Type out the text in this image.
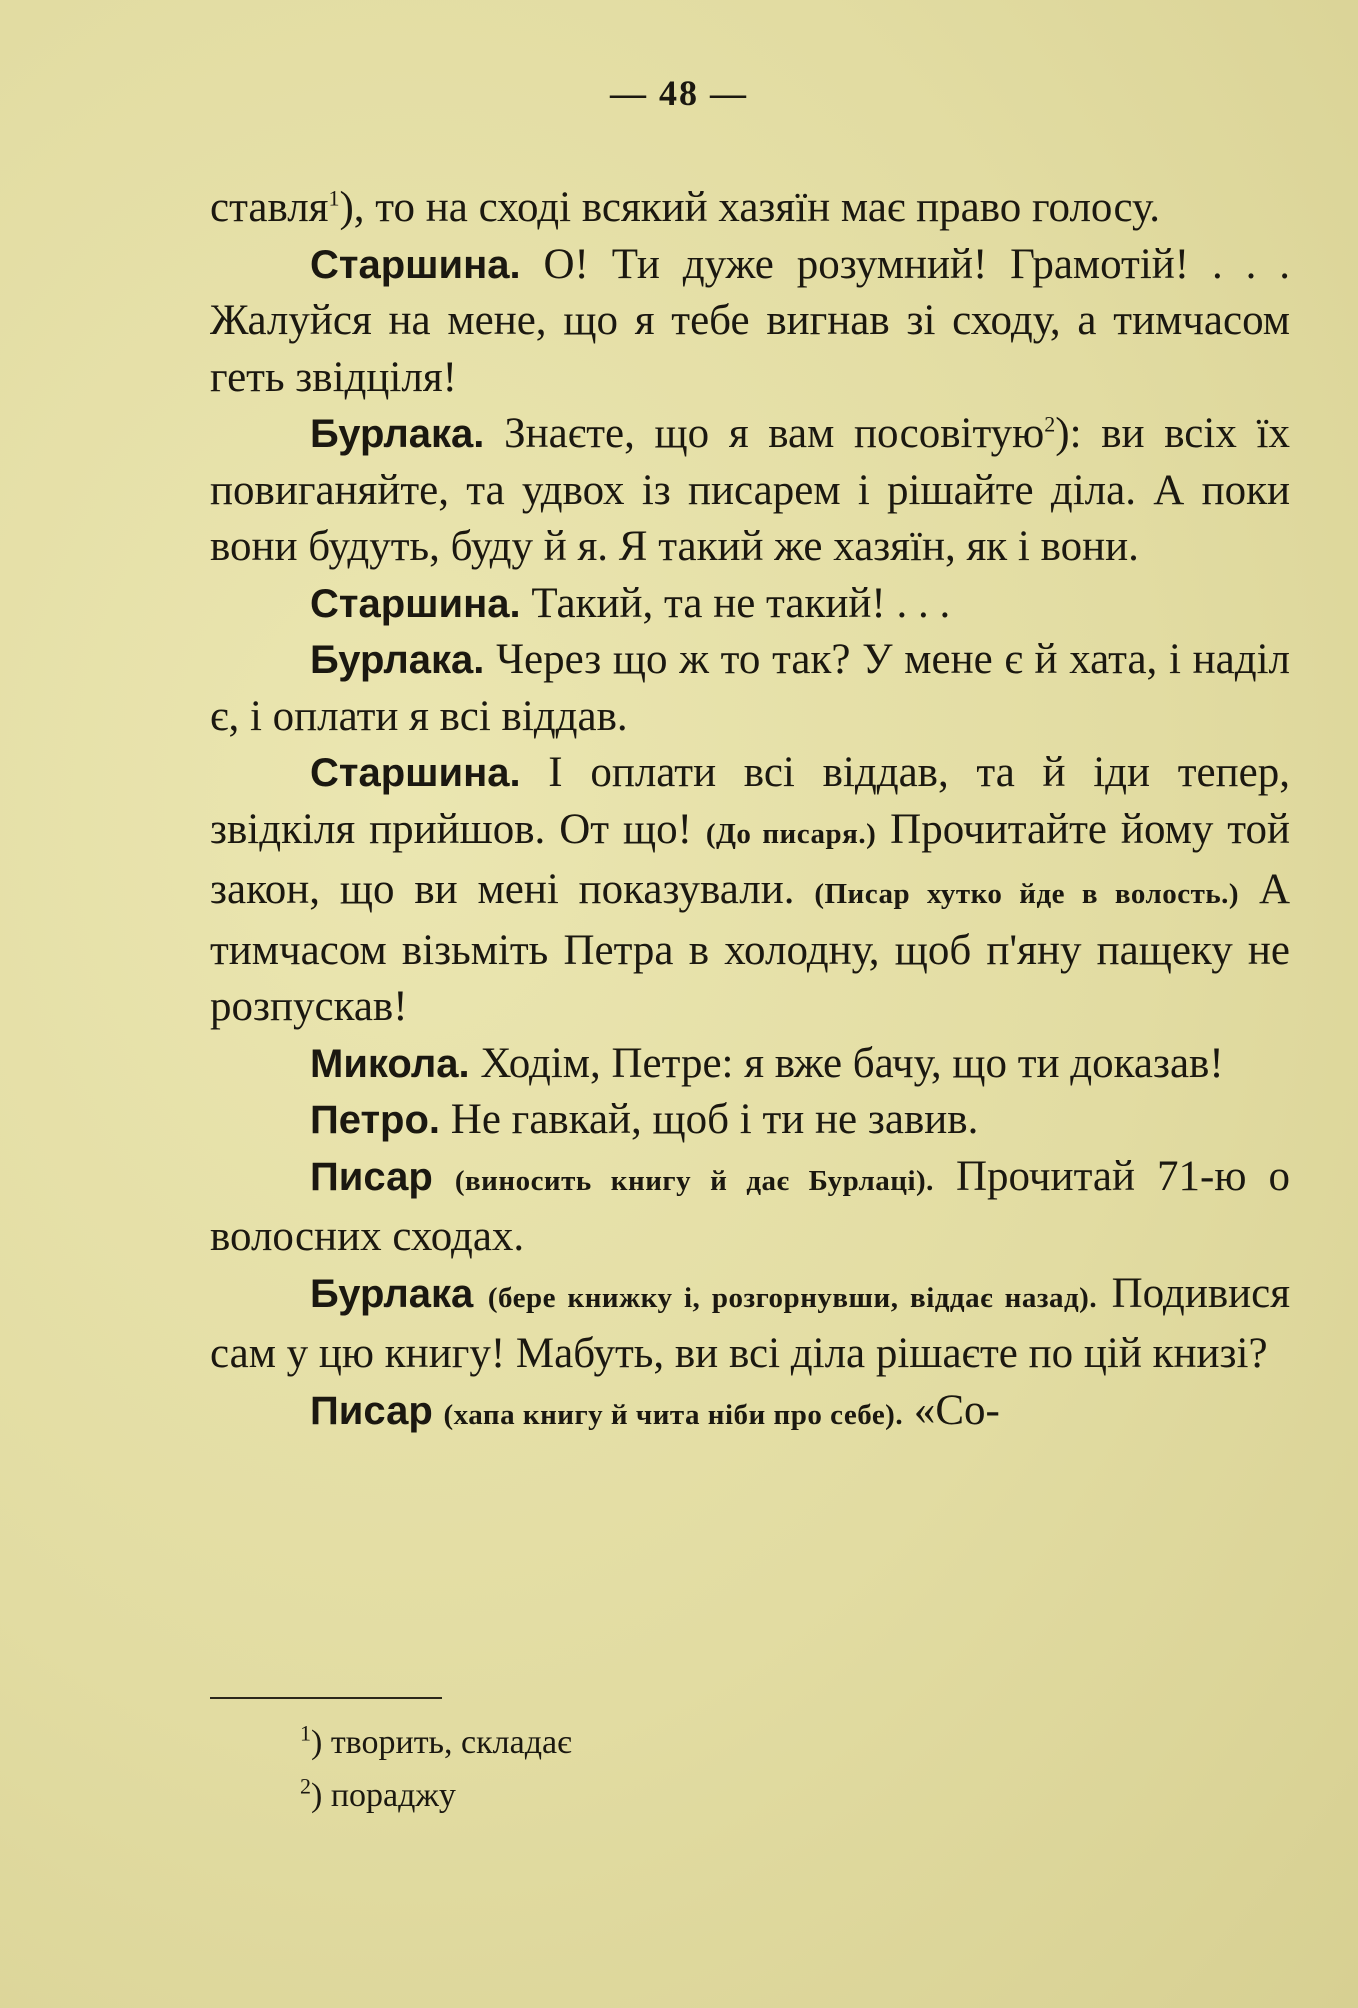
— 48 —

ставля$^1$), то на сході всякий хазяїн має право голосу.

Старшина. О! Ти дуже розумний! Грамотій! . . . Жалуйся на мене, що я тебе вигнав зі сходу, а тимчасом геть звідціля!

Бурлака. Знаєте, що я вам посовітую$^2$): ви всіх їх повиганяйте, та удвох із писарем і рішайте діла. А поки вони будуть, буду й я. Я такий же хазяїн, як і вони.

Старшина. Такий, та не такий! . . .

Бурлака. Через що ж то так? У мене є й хата, і наділ є, і оплати я всі віддав.

Старшина. І оплати всі віддав, та й іди тепер, звідкіля прийшов. От що! (До писаря.) Прочитайте йому той закон, що ви мені показували. (Писар хутко йде в волость.) А тимчасом візьміть Петра в холодну, щоб п'яну пащеку не розпускав!

Микола. Ходім, Петре: я вже бачу, що ти доказав!

Петро. Не гавкай, щоб і ти не завив.

Писар (виносить книгу й дає Бурлаці). Прочитай 71-ю о волосних сходах.

Бурлака (бере книжку і, розгорнувши, віддає назад). Подивися сам у цю книгу! Мабуть, ви всі діла рішаєте по цій книзі?

Писар (хапа книгу й чита ніби про себе). «Со-

$^1$) творить, складає

$^2$) пораджу
